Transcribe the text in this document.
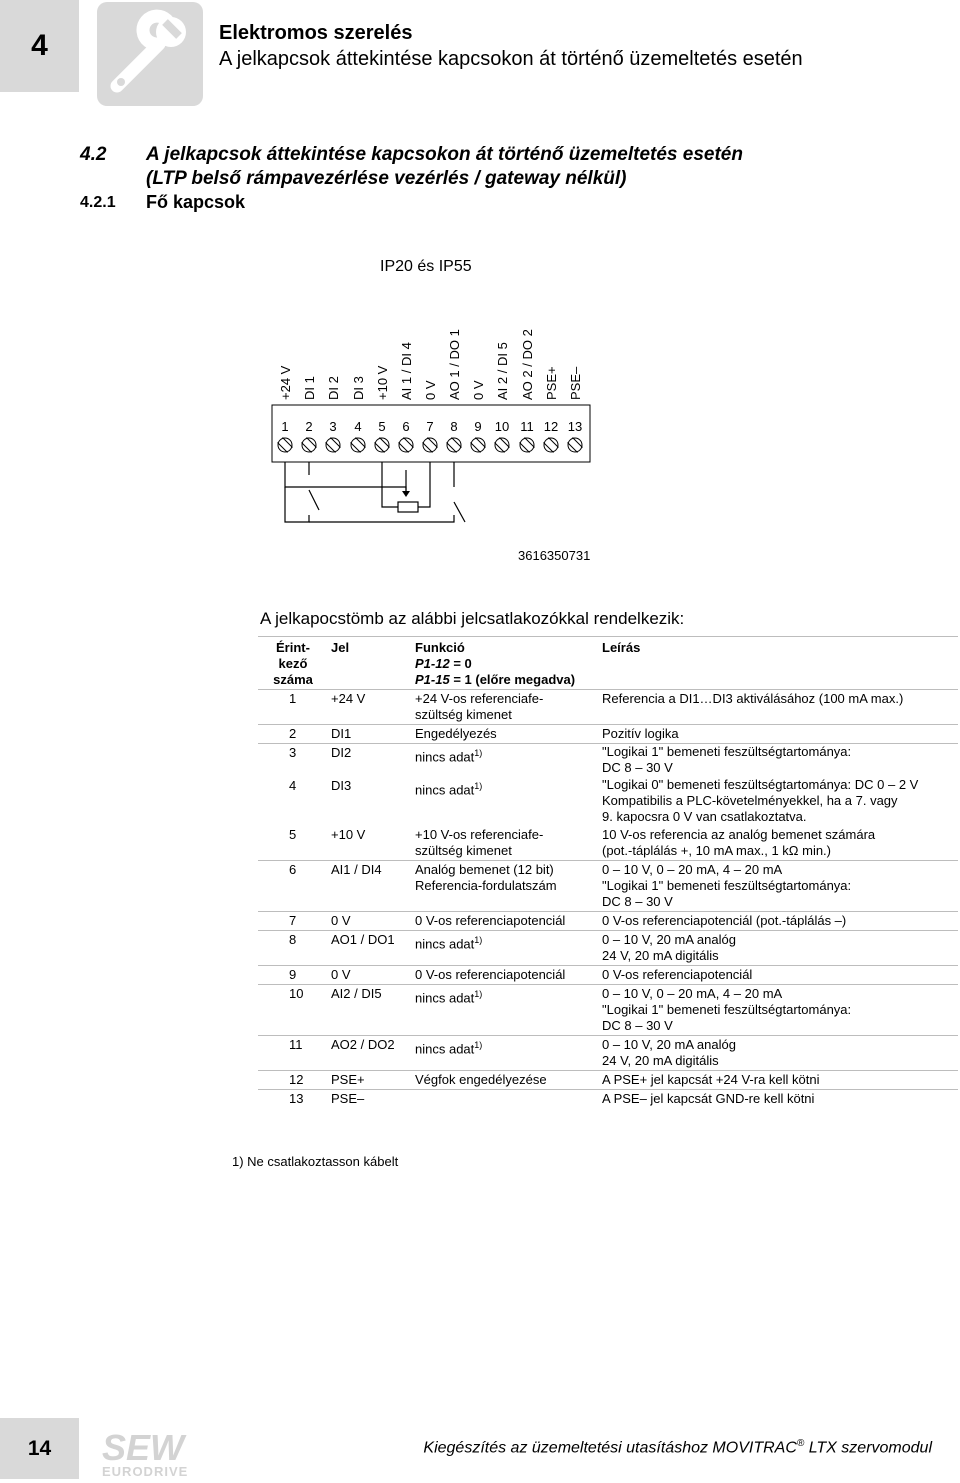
4	Elektromos szerelés
A jelkapcsok áttekintése kapcsokon át történő üzemeltetés esetén
4.2 A jelkapcsok áttekintése kapcsokon át történő üzemeltetés esetén
(LTP belső rámpavezérlése vezérlés / gateway nélkül)
4.2.1 Fő kapcsok
IP20 és IP55
+24 V DI 1 DI 2 DI 3 +10 V AI 1 / DI 4 0 V AO 1 / DO 1 0 V AI 2 / DI 5 AO 2 / DO 2 PSE+ PSE–
1 2 3 4 5 6 7 8 9 10 11 12 13
3616350731
A jelkapocstömb az alábbi jelcsatlakozókkal rendelkezik:
Érint-
kező
száma	Jel	Funkció
P1-12 = 0
P1-15 = 1 (előre megadva)	Leírás
1	+24 V	+24 V-os referenciafe-
szültség kimenet	Referencia a DI1…DI3 aktiválásához (100 mA max.)

2	DI1	Engedélyezés	Pozitív logika

3	DI2	nincs adat$^{1)}$	"Logikai 1" bemeneti feszültségtartománya:
DC 8 – 30 V

4	DI3	nincs adat$^{1)}$	"Logikai 0" bemeneti feszültségtartománya: DC 0 – 2 V
Kompatibilis a PLC-követelményekkel, ha a 7. vagy
9. kapocsra 0 V van csatlakoztatva.

5	+10 V	+10 V-os referenciafe-
szültség kimenet	10 V-os referencia az analóg bemenet számára
(pot.-táplálás +, 10 mA max., 1 kΩ min.)

6	AI1 / DI4	Analóg bemenet (12 bit)
Referencia-fordulatszám	0 – 10 V, 0 – 20 mA, 4 – 20 mA
"Logikai 1" bemeneti feszültségtartománya:
DC 8 – 30 V

7	0 V	0 V-os referenciapotenciál	0 V-os referenciapotenciál (pot.-táplálás –)

8	AO1 / DO1	nincs adat$^{1)}$	0 – 10 V, 20 mA analóg
24 V, 20 mA digitális

9	0 V	0 V-os referenciapotenciál	0 V-os referenciapotenciál

10	AI2 / DI5	nincs adat$^{1)}$	0 – 10 V, 0 – 20 mA, 4 – 20 mA
"Logikai 1" bemeneti feszültségtartománya:
DC 8 – 30 V

11	AO2 / DO2	nincs adat$^{1)}$	0 – 10 V, 20 mA analóg
24 V, 20 mA digitális

12	PSE+	Végfok engedélyezése	A PSE+ jel kapcsát +24 V-ra kell kötni

13	PSE–		A PSE– jel kapcsát GND-re kell kötni
1) Ne csatlakoztasson kábelt
14 SEW
EURODRIVE
Kiegészítés az üzemeltetési utasításhoz MOVITRAC® LTX szervomodul
